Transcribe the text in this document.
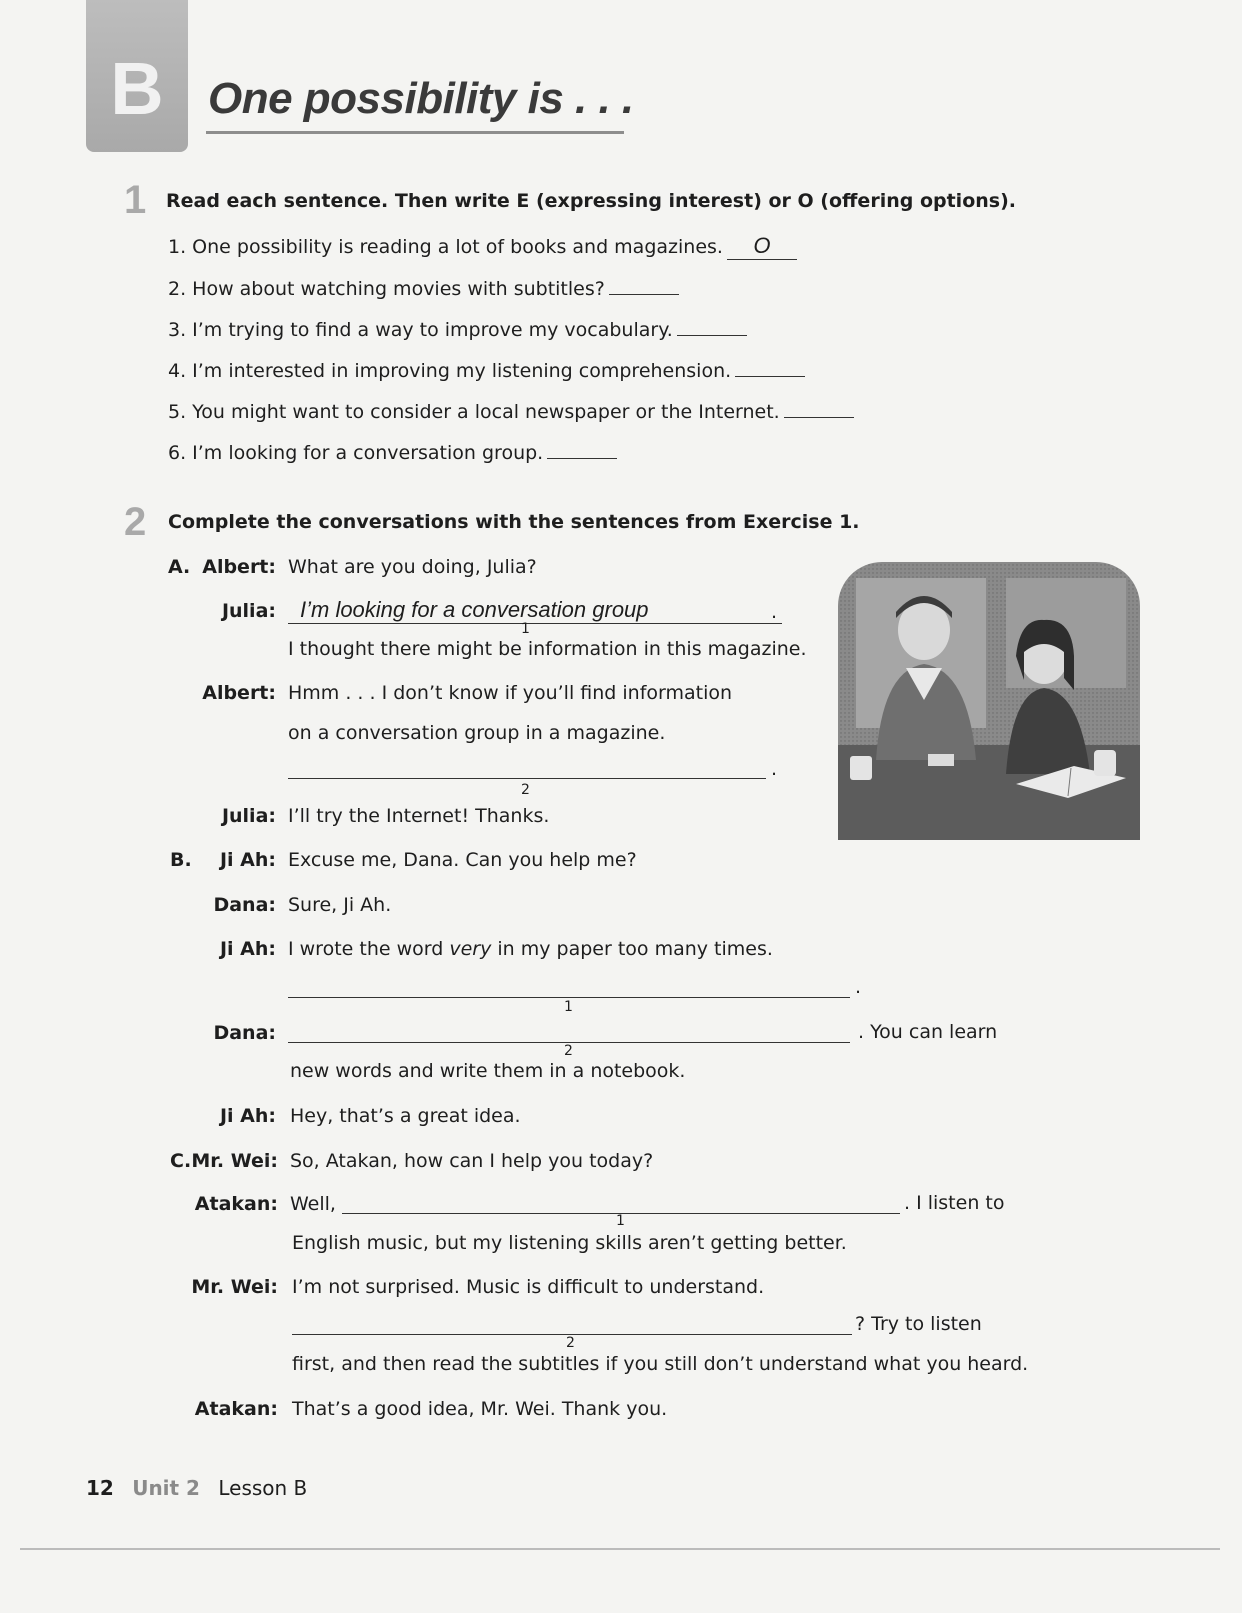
B	One possibility is . . .
1 Read each sentence. Then write E (expressing interest) or O (offering options).
1. One possibility is reading a lot of books and magazines. O
2. How about watching movies with subtitles?
3. I’m trying to find a way to improve my vocabulary.
4. I’m interested in improving my listening comprehension.
5. You might want to consider a local newspaper or the Internet.
6. I’m looking for a conversation group.
2 Complete the conversations with the sentences from Exercise 1.
A. Albert: What are you doing, Julia?
Julia: I’m looking for a conversation group	.
1
I thought there might be information in this magazine.
Albert: Hmm . . . I don’t know if you’ll find information
on a conversation group in a magazine.
.
2
Julia: I’ll try the Internet! Thanks.
B.	Ji Ah: Excuse me, Dana. Can you help me?
Dana: Sure, Ji Ah.
Ji Ah: I wrote the word very in my paper too many times.
.
1
Dana:	. You can learn
2
new words and write them in a notebook.
Ji Ah: Hey, that’s a great idea.
C. Mr. Wei: So, Atakan, how can I help you today?
Atakan: Well,	. I listen to
1
English music, but my listening skills aren’t getting better.
Mr. Wei: I’m not surprised. Music is difficult to understand.
? Try to listen
2
first, and then read the subtitles if you still don’t understand what you heard.
Atakan: That’s a good idea, Mr. Wei. Thank you.
12 Unit 2 Lesson B
